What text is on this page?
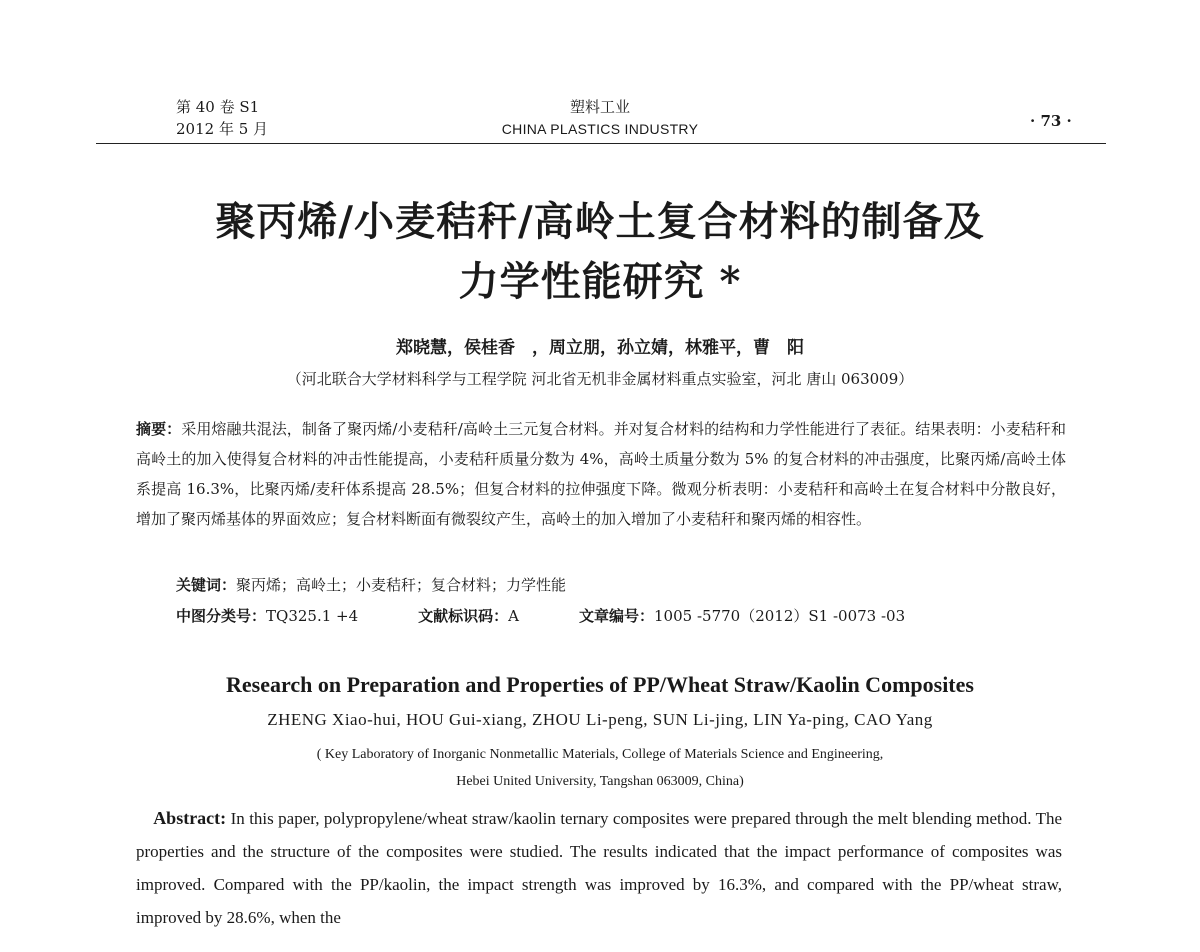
第 40 卷 S1
2012 年 5 月
塑料工业
CHINA PLASTICS INDUSTRY	· 73 ·
聚丙烯/小麦秸秆/高岭土复合材料的制备及
力学性能研究 *
郑晓慧，侯桂香　，周立朋，孙立婧，林雅平，曹　阳
（河北联合大学材料科学与工程学院 河北省无机非金属材料重点实验室，河北 唐山 063009）
摘要：采用熔融共混法，制备了聚丙烯/小麦秸秆/高岭土三元复合材料。并对复合材料的结构和力学性能进行了表征。结果表明：小麦秸秆和高岭土的加入使得复合材料的冲击性能提高，小麦秸秆质量分数为 4%，高岭土质量分数为 5% 的复合材料的冲击强度，比聚丙烯/高岭土体系提高 16.3%，比聚丙烯/麦秆体系提高 28.5%；但复合材料的拉伸强度下降。微观分析表明：小麦秸秆和高岭土在复合材料中分散良好，增加了聚丙烯基体的界面效应；复合材料断面有微裂纹产生，高岭土的加入增加了小麦秸秆和聚丙烯的相容性。
关键词：聚丙烯；高岭土；小麦秸秆；复合材料；力学性能
中图分类号：TQ325.1 +4	文献标识码：A	文章编号：1005 -5770（2012）S1 -0073 -03
Research on Preparation and Properties of PP/Wheat Straw/Kaolin Composites
ZHENG Xiao-hui, HOU Gui-xiang, ZHOU Li-peng, SUN Li-jing, LIN Ya-ping, CAO Yang
( Key Laboratory of Inorganic Nonmetallic Materials, College of Materials Science and Engineering,
Hebei United University, Tangshan 063009, China)
　Abstract: In this paper, polypropylene/wheat straw/kaolin ternary composites were prepared through the melt blending method. The properties and the structure of the composites were studied. The results indicated that the impact performance of composites was improved. Compared with the PP/kaolin, the impact strength was improved by 16.3%, and compared with the PP/wheat straw, improved by 28.6%, when the
